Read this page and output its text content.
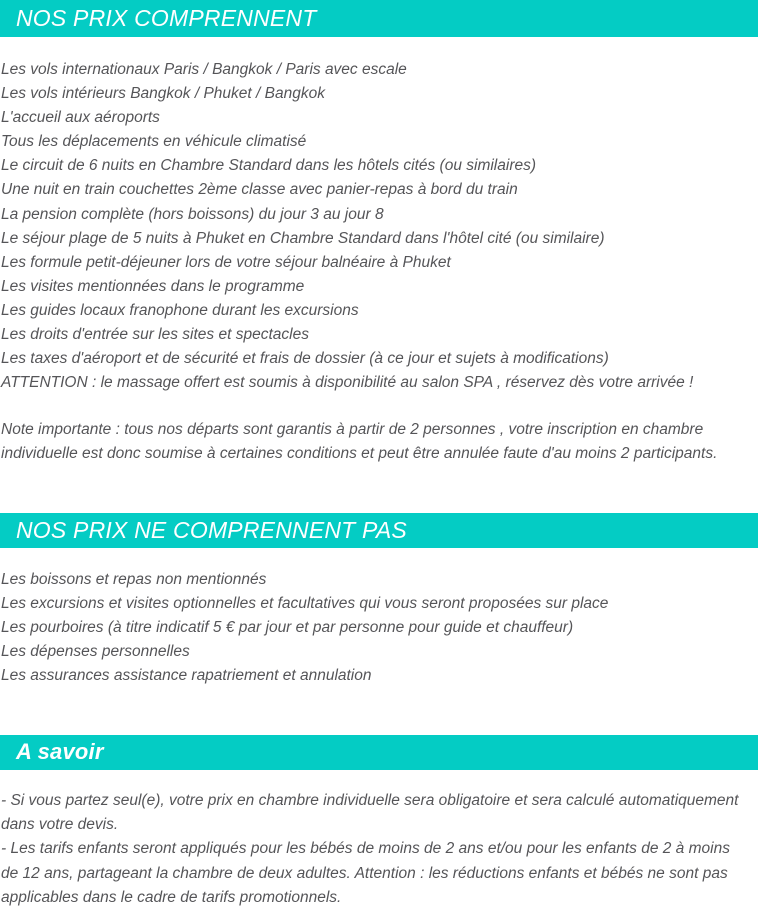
NOS PRIX COMPRENNENT
Les vols internationaux Paris / Bangkok / Paris avec escale
Les vols intérieurs Bangkok / Phuket / Bangkok
L'accueil aux aéroports
Tous les déplacements en véhicule climatisé
Le circuit de 6 nuits en Chambre Standard dans les hôtels cités (ou similaires)
Une nuit en train couchettes 2ème classe avec panier-repas à bord du train
La pension complète (hors boissons) du jour 3 au jour 8
Le séjour plage de 5 nuits à Phuket en Chambre Standard dans l'hôtel cité (ou similaire)
Les formule petit-déjeuner lors de votre séjour balnéaire à Phuket
Les visites mentionnées dans le programme
Les guides locaux franophone durant les excursions
Les droits d'entrée sur les sites et spectacles
Les taxes d'aéroport et de sécurité et frais de dossier (à ce jour et sujets à modifications)
ATTENTION : le massage offert est soumis à disponibilité au salon SPA , réservez dès votre arrivée !
Note importante : tous nos départs sont garantis à partir de 2 personnes , votre inscription en chambre individuelle est donc soumise à certaines conditions et peut être annulée faute d'au moins 2 participants.
NOS PRIX NE COMPRENNENT PAS
Les boissons et repas non mentionnés
Les excursions et visites optionnelles et facultatives qui vous seront proposées sur place
Les pourboires (à titre indicatif 5 € par jour et par personne pour guide et chauffeur)
Les dépenses personnelles
Les assurances assistance rapatriement et annulation
A savoir
- Si vous partez seul(e), votre prix en chambre individuelle sera obligatoire et sera calculé automatiquement dans votre devis.
- Les tarifs enfants seront appliqués pour les bébés de moins de 2 ans et/ou pour les enfants de 2 à moins de 12 ans, partageant la chambre de deux adultes. Attention : les réductions enfants et bébés ne sont pas applicables dans le cadre de tarifs promotionnels.
